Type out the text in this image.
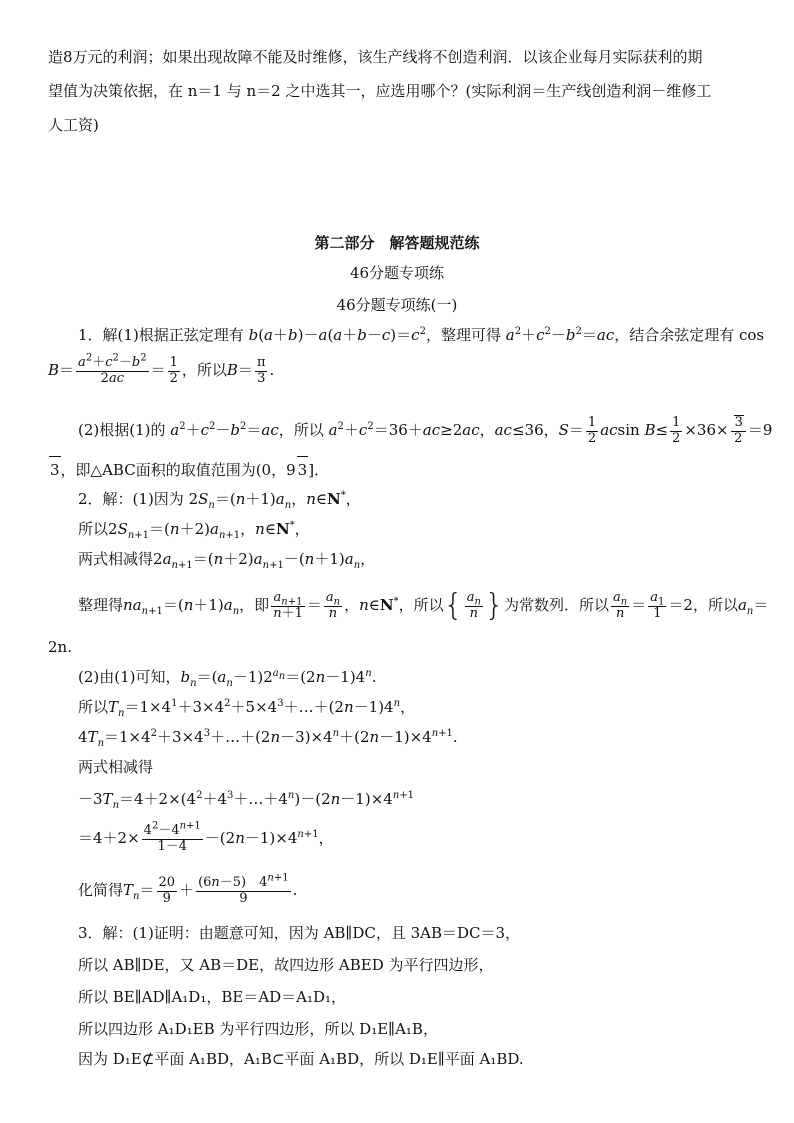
造8万元的利润；如果出现故障不能及时维修，该生产线将不创造利润．以该企业每月实际获利的期
望值为决策依据，在 n＝1 与 n＝2 之中选其一，应选用哪个？(实际利润＝生产线创造利润－维修工
人工资)
第二部分　解答题规范练
46分题专项练
46分题专项练(一)
1．解(1)根据正弦定理有 $b(a+b)-a(a+b-c)=c^2$，整理可得 $a^2+c^2-b^2=ac$，结合余弦定理有 cos
$B= \frac{a^2+c^2-b^2}{2ac} = \frac{1}{2}$ ，所以$B= \frac{\pi}{3}$ .
(2)根据(1)的 $a^2+c^2-b^2=ac$，所以 $a^2+c^2=36+ac\ge 2ac$，ac≤36，$S= \frac{1}{2}$ acsin $B\le \frac{1}{2} \times 36\times \frac{3}{2} =9$
3，即△ABC面积的取值范围为(0，9 3]．
2．解：(1)因为 $2S_n=(n+1)a_n$，n∈N*，
所以$2S_{n+1}=(n+2)a_{n+1}$，n∈N*，
两式相减得$2a_{n+1}=(n+2)a_{n+1}-(n+1)a_n$，
整理得$na_{n+1}=(n+1)a_n$，即 $\frac{a_{n+1}}{n+1} = \frac{a_n}{n}$ ，n∈N*，所以{ $\frac{a_n}{n}$ }为常数列．所以 $\frac{a_n}{n} = \frac{a_1}{1} =2$，所以$a_n=$
2n.
(2)由(1)可知，$b_n=(a_n-1)2^{a_n}=(2n-1)4^n$.
所以$T_n=1\times 4^1+3\times 4^2+5\times 4^3+\dots+(2n-1)4^n$，
$4T_n=1\times 4^2+3\times 4^3+\dots+(2n-3)\times 4^n+(2n-1)\times 4^{n+1}$.
两式相减得
$-3T_n=4+2\times(4^2+4^3+\dots+4^n)-(2n-1)\times 4^{n+1}$
$=4+2\times \frac{4^2-4^{n+1}}{1-4} -(2n-1)\times 4^{n+1}$，
化简得$T_n= \frac{20}{9} + \frac{(6n-5) 4^{n+1}}{9}$ .
3．解：(1)证明：由题意可知，因为 AB∥DC，且 3AB＝DC＝3，
所以 AB∥DE，又 AB＝DE，故四边形 ABED 为平行四边形，
所以 BE∥AD∥A₁D₁，BE＝AD＝A₁D₁，
所以四边形 A₁D₁EB 为平行四边形，所以 D₁E∥A₁B，
因为 D₁E⊄平面 A₁BD，A₁B⊂平面 A₁BD，所以 D₁E∥平面 A₁BD.
